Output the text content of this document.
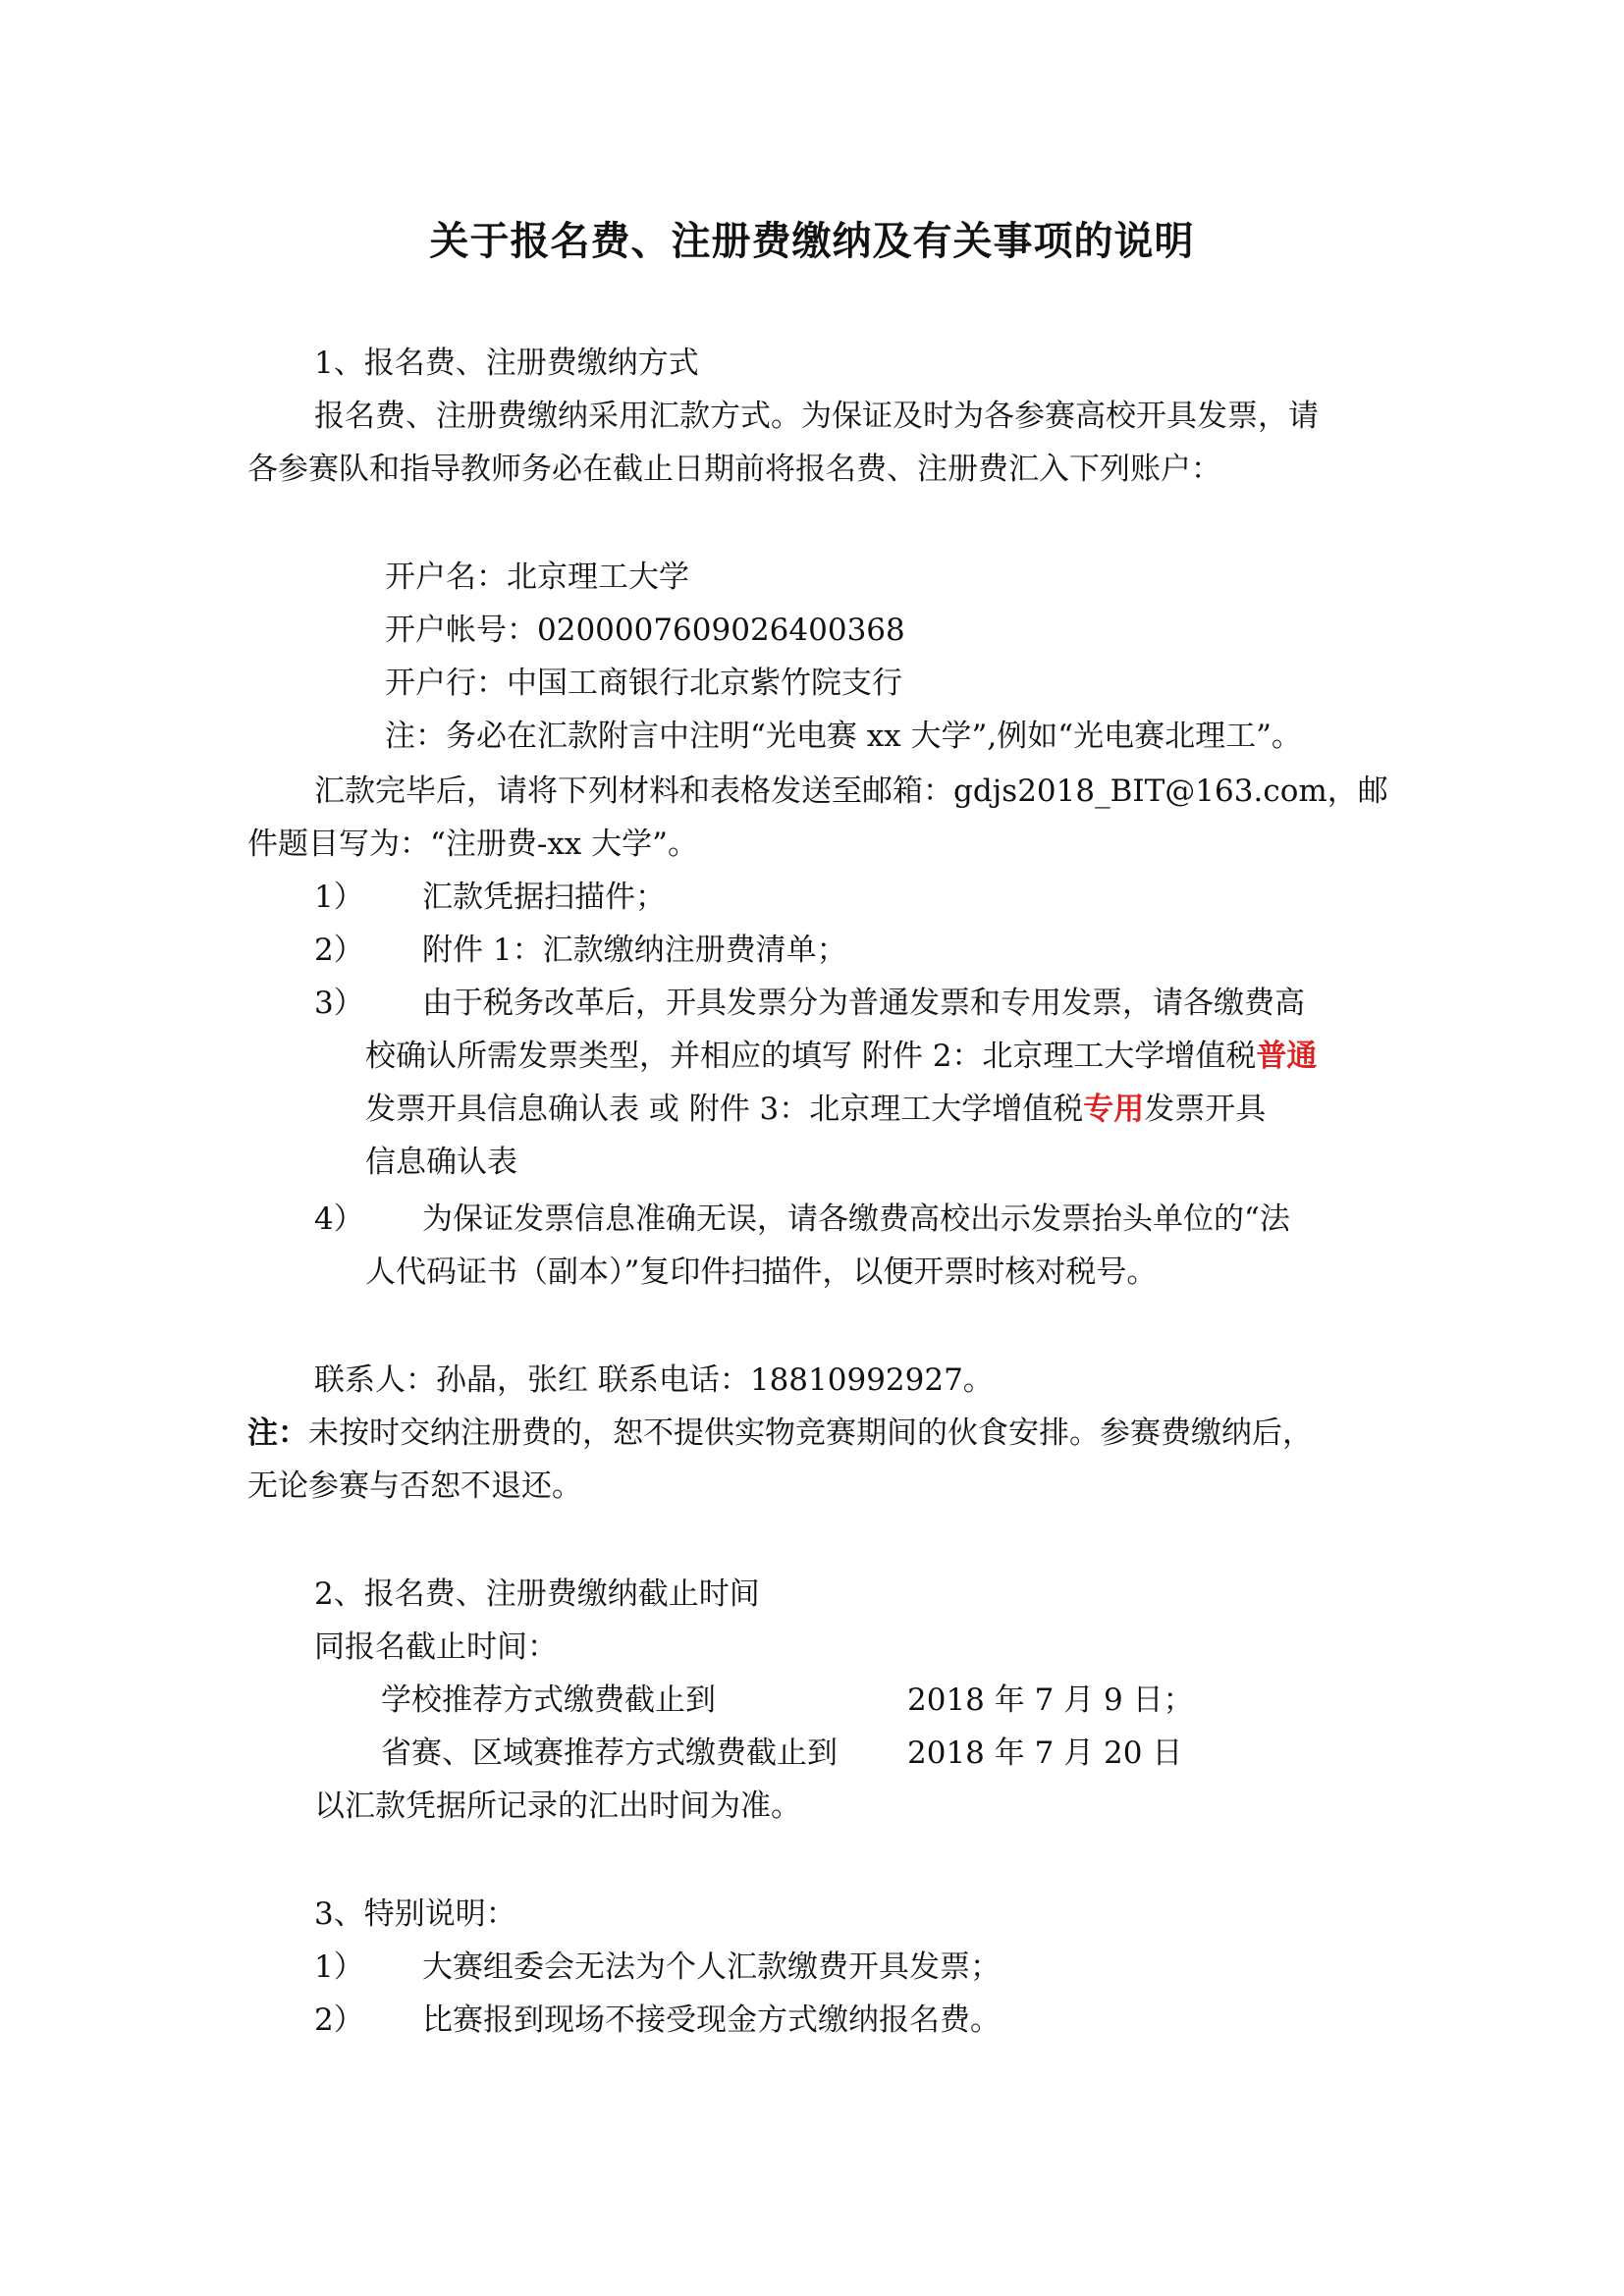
关于报名费、注册费缴纳及有关事项的说明
1、报名费、注册费缴纳方式
报名费、注册费缴纳采用汇款方式。为保证及时为各参赛高校开具发票，请
各参赛队和指导教师务必在截止日期前将报名费、注册费汇入下列账户：
开户名：北京理工大学
开户帐号：0200007609026400368
开户行：中国工商银行北京紫竹院支行
注：务必在汇款附言中注明“光电赛 xx 大学”,例如“光电赛北理工”。
汇款完毕后，请将下列材料和表格发送至邮箱：gdjs2018_BIT@163.com，邮
件题目写为：“注册费-xx 大学”。
1） 汇款凭据扫描件；
2） 附件 1：汇款缴纳注册费清单；
3） 由于税务改革后，开具发票分为普通发票和专用发票，请各缴费高
校确认所需发票类型，并相应的填写 附件 2：北京理工大学增值税普通
发票开具信息确认表 或 附件 3：北京理工大学增值税专用发票开具
信息确认表
4） 为保证发票信息准确无误，请各缴费高校出示发票抬头单位的“法
人代码证书（副本）”复印件扫描件，以便开票时核对税号。
联系人：孙晶，张红 联系电话：18810992927。
注：未按时交纳注册费的，恕不提供实物竞赛期间的伙食安排。参赛费缴纳后，
无论参赛与否恕不退还。
2、报名费、注册费缴纳截止时间
同报名截止时间：
学校推荐方式缴费截止到	2018 年 7 月 9 日；
省赛、区域赛推荐方式缴费截止到 2018 年 7 月 20 日
以汇款凭据所记录的汇出时间为准。
3、特别说明：
1） 大赛组委会无法为个人汇款缴费开具发票；
2） 比赛报到现场不接受现金方式缴纳报名费。
